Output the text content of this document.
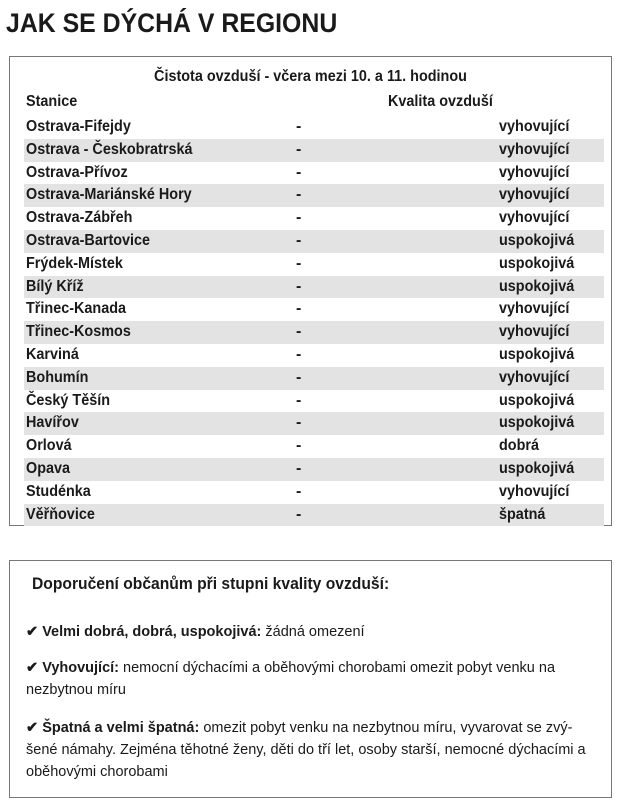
JAK SE DÝCHÁ V REGIONU
Čistota ovzduší - včera mezi 10. a 11. hodinou
Stanice	Kvalita ovzduší
Ostrava-Fifejdy	-	vyhovující
Ostrava - Českobratrská	-	vyhovující
Ostrava-Přívoz	-	vyhovující
Ostrava-Mariánské Hory	-	vyhovující
Ostrava-Zábřeh	-	vyhovující
Ostrava-Bartovice	-	uspokojivá
Frýdek-Místek	-	uspokojivá
Bílý Kříž	-	uspokojivá
Třinec-Kanada	-	vyhovující
Třinec-Kosmos	-	vyhovující
Karviná	-	uspokojivá
Bohumín	-	vyhovující
Český Těšín	-	uspokojivá
Havířov	-	uspokojivá
Orlová	-	dobrá
Opava	-	uspokojivá
Studénka	-	vyhovující
Věřňovice	-	špatná
Doporučení občanům při stupni kvality ovzduší:
✔ Velmi dobrá, dobrá, uspokojivá: žádná omezení
✔ Vyhovující: nemocní dýchacími a oběhovými chorobami omezit pobyt venku na nezbytnou míru
✔ Špatná a velmi špatná: omezit pobyt venku na nezbytnou míru, vyvarovat se zvý-šené námahy. Zejména těhotné ženy, děti do tří let, osoby starší, nemocné dýchacími a oběhovými chorobami
